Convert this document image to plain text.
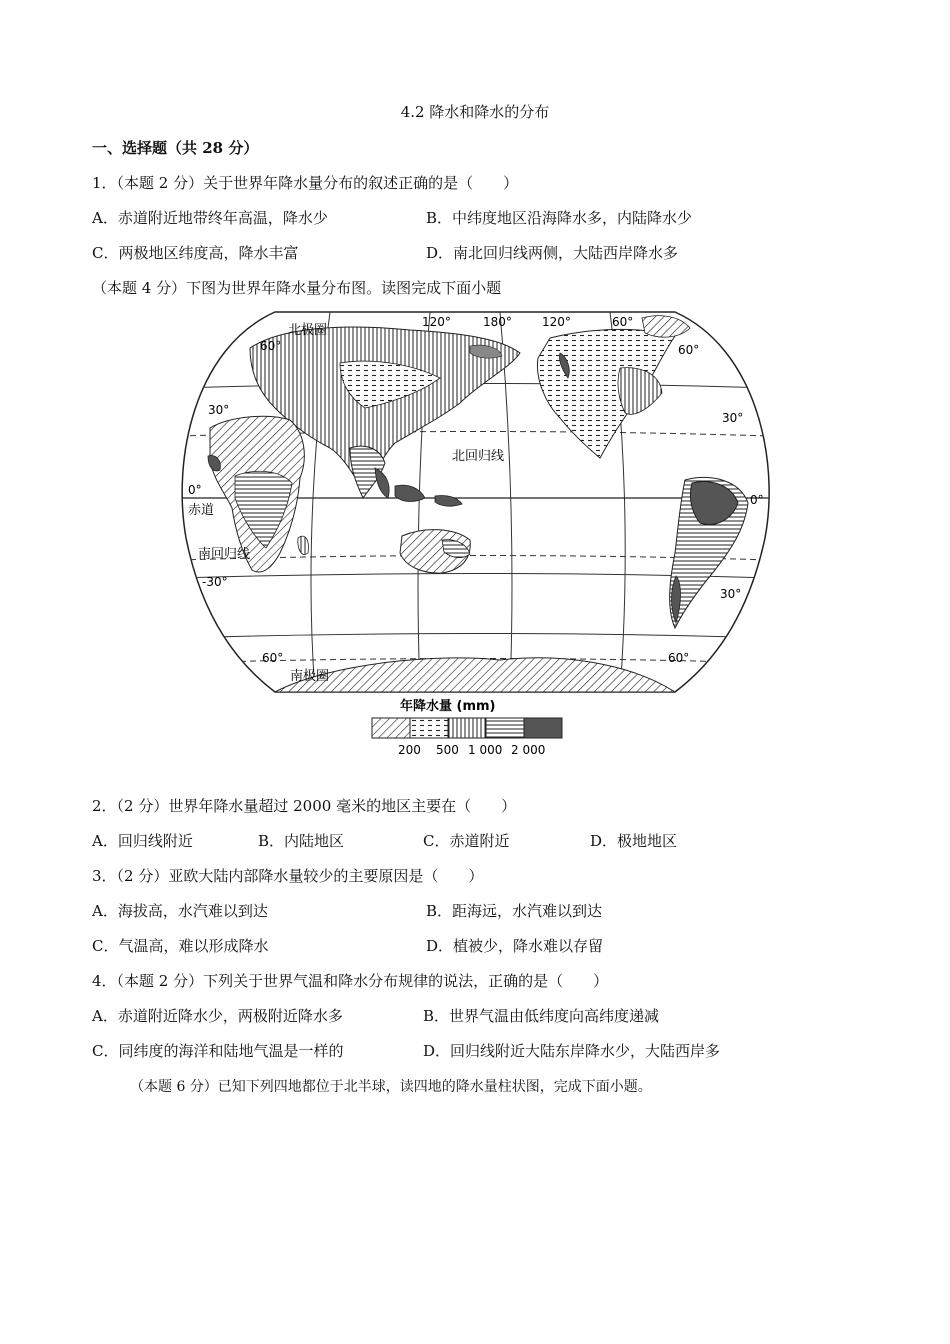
4.2 降水和降水的分布
一、选择题（共 28 分）
1．（本题 2 分）关于世界年降水量分布的叙述正确的是（　　）
A．赤道附近地带终年高温，降水少	B．中纬度地区沿海降水多，内陆降水少
C．两极地区纬度高，降水丰富	D．南北回归线两侧，大陆西岸降水多
（本题 4 分）下图为世界年降水量分布图。读图完成下面小题
北极圈
南极圈
北回归线
南回归线
赤道
60°
30°
0°
-30°
60°
120°	180°	120°	60°
60°
30°
0°
30°
60°
年降水量 (mm)
200 500 1 000 2 000
2．（2 分）世界年降水量超过 2000 毫米的地区主要在（　　）
A．回归线附近	B．内陆地区	C．赤道附近	D．极地地区
3．（2 分）亚欧大陆内部降水量较少的主要原因是（　　）
A．海拔高，水汽难以到达	B．距海远，水汽难以到达
C．气温高，难以形成降水	D．植被少，降水难以存留
4．（本题 2 分）下列关于世界气温和降水分布规律的说法，正确的是（　　）
A．赤道附近降水少，两极附近降水多	B．世界气温由低纬度向高纬度递减
C．同纬度的海洋和陆地气温是一样的	D．回归线附近大陆东岸降水少，大陆西岸多
（本题 6 分）已知下列四地都位于北半球，读四地的降水量柱状图，完成下面小题。
